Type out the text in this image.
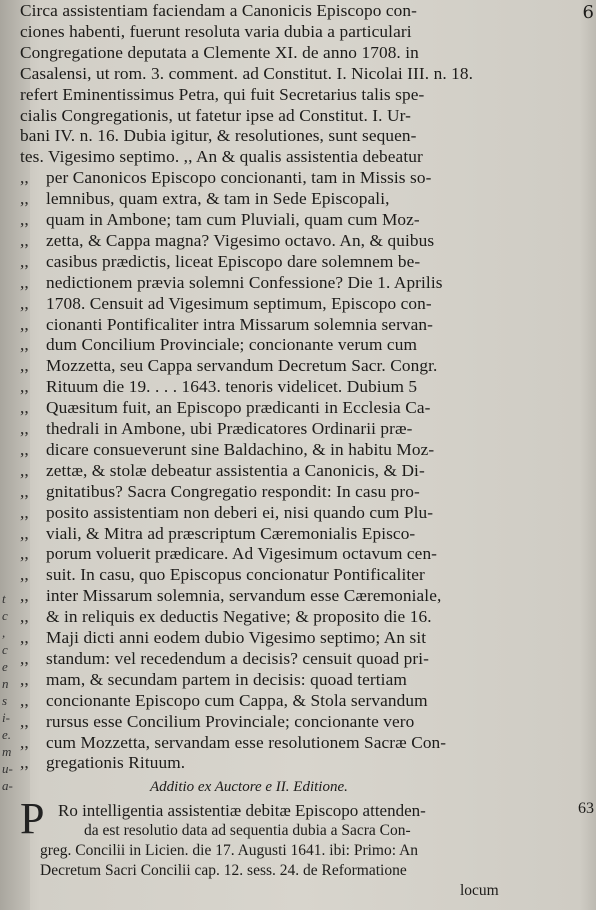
t
c
,
c
e
n
s
i-
e.
m
u-
a-
6
Circa assistentiam faciendam a Canonicis Episcopo con-
ciones habenti, fuerunt resoluta varia dubia a particulari
Congregatione deputata a Clemente XI. de anno 1708. in
Casalensi, ut rom. 3. comment. ad Constitut. I. Nicolai III. n. 18.
refert Eminentissimus Petra, qui fuit Secretarius talis spe-
cialis Congregationis, ut fatetur ipse ad Constitut. I. Ur-
bani IV. n. 16. Dubia igitur, & resolutiones, sunt sequen-
tes. Vigesimo septimo. ,, An & qualis assistentia debeatur
,, per Canonicos Episcopo concionanti, tam in Missis so-
,, lemnibus, quam extra, & tam in Sede Episcopali,
,, quam in Ambone; tam cum Pluviali, quam cum Moz-
,, zetta, & Cappa magna? Vigesimo octavo. An, & quibus
,, casibus prædictis, liceat Episcopo dare solemnem be-
,, nedictionem prævia solemni Confessione? Die 1. Aprilis
,, 1708. Censuit ad Vigesimum septimum, Episcopo con-
,, cionanti Pontificaliter intra Missarum solemnia servan-
,, dum Concilium Provinciale; concionante verum cum
,, Mozzetta, seu Cappa servandum Decretum Sacr. Congr.
,, Rituum die 19. . . . 1643. tenoris videlicet. Dubium 5
,, Quæsitum fuit, an Episcopo prædicanti in Ecclesia Ca-
,, thedrali in Ambone, ubi Prædicatores Ordinarii præ-
,, dicare consueverunt sine Baldachino, & in habitu Moz-
,, zettæ, & stolæ debeatur assistentia a Canonicis, & Di-
,, gnitatibus? Sacra Congregatio respondit: In casu pro-
,, posito assistentiam non deberi ei, nisi quando cum Plu-
,, viali, & Mitra ad præscriptum Cæremonialis Episco-
,, porum voluerit prædicare. Ad Vigesimum octavum cen-
,, suit. In casu, quo Episcopus concionatur Pontificaliter
,, inter Missarum solemnia, servandum esse Cæremoniale,
,, & in reliquis ex deductis Negative; & proposito die 16.
,, Maji dicti anni eodem dubio Vigesimo septimo; An sit
,, standum: vel recedendum a decisis? censuit quoad pri-
,, mam, & secundam partem in decisis: quoad tertiam
,, concionante Episcopo cum Cappa, & Stola servandum
,, rursus esse Concilium Provinciale; concionante vero
,, cum Mozzetta, servandam esse resolutionem Sacræ Con-
,, gregationis Rituum.
Additio ex Auctore e II. Editione.
P Ro intelligentia assistentiæ debitæ Episcopo attenden-
da est resolutio data ad sequentia dubia a Sacra Con-
greg. Concilii in Licien. die 17. Augusti 1641. ibi: Primo: An
Decretum Sacri Concilii cap. 12. sess. 24. de Reformatione
locum
63
